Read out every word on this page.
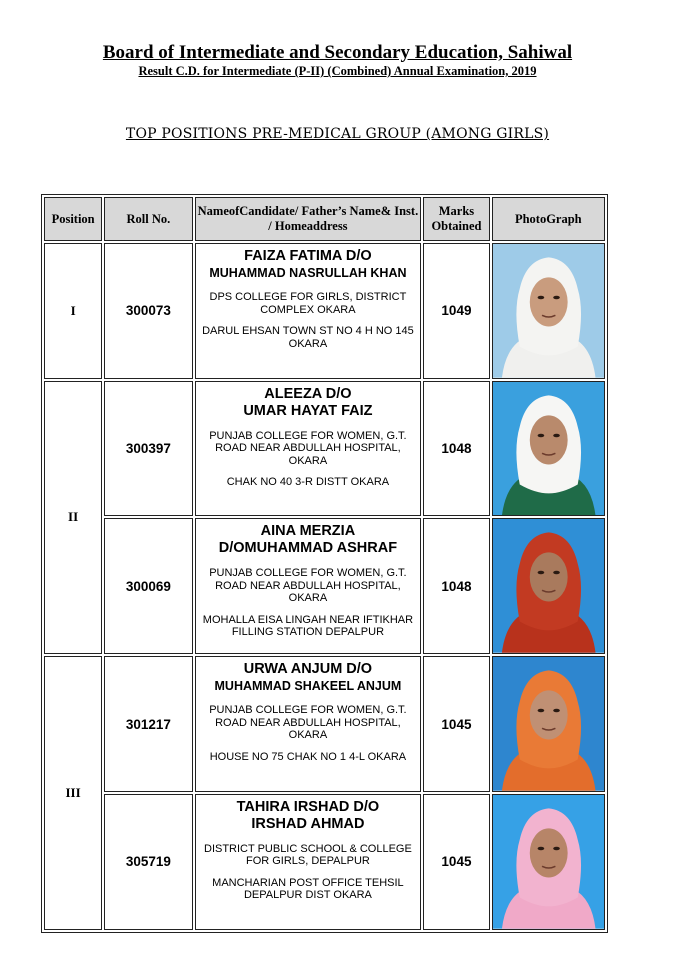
Board of Intermediate and Secondary Education, Sahiwal
Result C.D. for Intermediate (P-II) (Combined) Annual Examination, 2019
TOP POSITIONS PRE-MEDICAL GROUP (AMONG GIRLS)
Position	Roll No.	NameofCandidate/ Father’s Name& Inst. / Homeaddress	Marks Obtained	PhotoGraph
I	300073	FAIZA FATIMA D/O
MUHAMMAD NASRULLAH KHAN
DPS COLLEGE FOR GIRLS, DISTRICT COMPLEX OKARA
DARUL EHSAN TOWN ST NO 4 H NO 145 OKARA	1049	

II	300397	ALEEZA D/O
UMAR HAYAT FAIZ
PUNJAB COLLEGE FOR WOMEN, G.T. ROAD NEAR ABDULLAH HOSPITAL, OKARA
CHAK NO 40 3-R DISTT OKARA	1048	

	300069	AINA MERZIA
D/OMUHAMMAD ASHRAF
PUNJAB COLLEGE FOR WOMEN, G.T. ROAD NEAR ABDULLAH HOSPITAL, OKARA
MOHALLA EISA LINGAH NEAR IFTIKHAR FILLING STATION DEPALPUR	1048	

III	301217	URWA ANJUM D/O
MUHAMMAD SHAKEEL ANJUM
PUNJAB COLLEGE FOR WOMEN, G.T. ROAD NEAR ABDULLAH HOSPITAL, OKARA
HOUSE NO 75 CHAK NO 1 4-L OKARA	1045	

	305719	TAHIRA IRSHAD D/O
IRSHAD AHMAD
DISTRICT PUBLIC SCHOOL & COLLEGE FOR GIRLS, DEPALPUR
MANCHARIAN POST OFFICE TEHSIL DEPALPUR DIST OKARA	1045	
